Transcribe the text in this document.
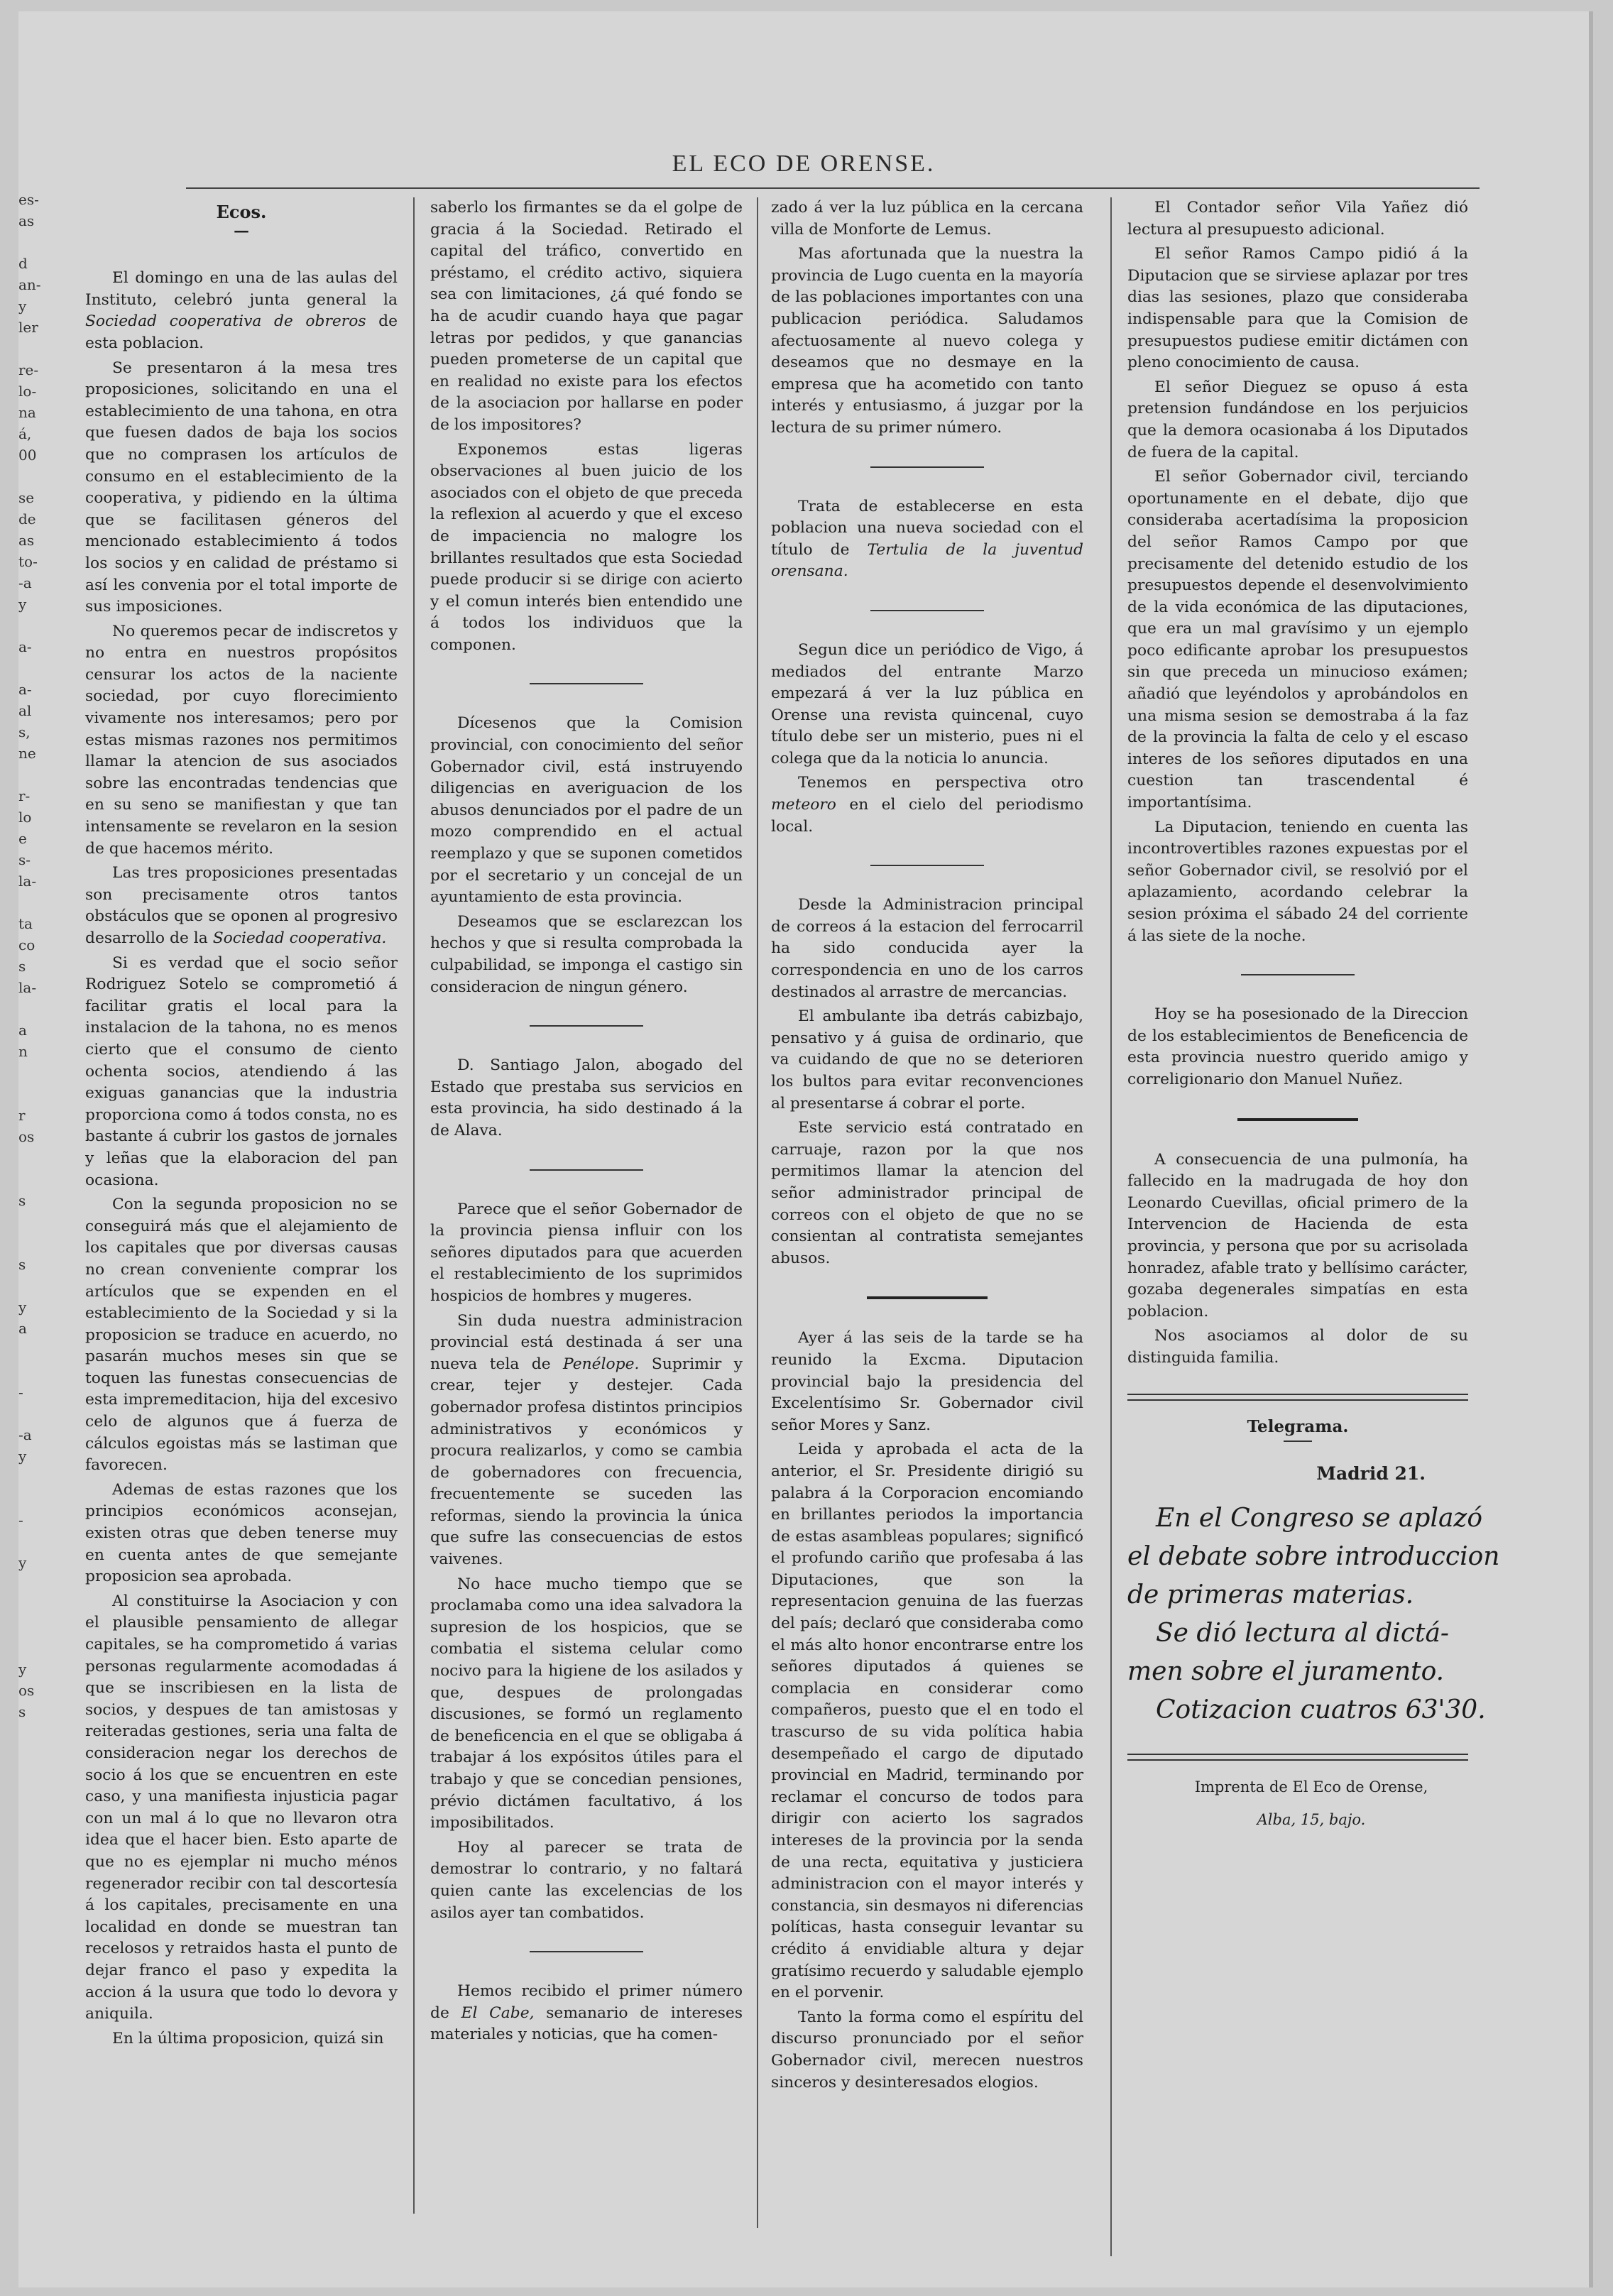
es-
as

d
an-
y
ler

re-
lo-
na
á,
00

se
de
as
to-
-a
y

a-

a-
al
s,
ne

r-
lo
e
s-
la-

ta
co
s
la-

a
n

r
os

s

s

y
a

-

-a
y

-

y

y
os
s

EL ECO DE ORENSE.
Ecos.
—

El domingo en una de las aulas del Instituto, celebró junta general la Sociedad cooperativa de obreros de esta poblacion.

Se presentaron á la mesa tres proposiciones, solicitando en una el establecimiento de una tahona, en otra que fuesen dados de baja los socios que no comprasen los artículos de consumo en el establecimiento de la cooperativa, y pidiendo en la última que se facilitasen géneros del mencionado establecimiento á todos los socios y en calidad de préstamo si así les convenia por el total importe de sus imposiciones.

No queremos pecar de indiscretos y no entra en nuestros propósitos censurar los actos de la naciente sociedad, por cuyo florecimiento vivamente nos interesamos; pero por estas mismas razones nos permitimos llamar la atencion de sus asociados sobre las encontradas tendencias que en su seno se manifiestan y que tan intensamente se revelaron en la sesion de que hacemos mérito.

Las tres proposiciones presentadas son precisamente otros tantos obstáculos que se oponen al progresivo desarrollo de la Sociedad cooperativa.

Si es verdad que el socio señor Rodriguez Sotelo se comprometió á facilitar gratis el local para la instalacion de la tahona, no es menos cierto que el consumo de ciento ochenta socios, atendiendo á las exiguas ganancias que la industria proporciona como á todos consta, no es bastante á cubrir los gastos de jornales y leñas que la elaboracion del pan ocasiona.

Con la segunda proposicion no se conseguirá más que el alejamiento de los capitales que por diversas causas no crean conveniente comprar los artículos que se expenden en el establecimiento de la Sociedad y si la proposicion se traduce en acuerdo, no pasarán muchos meses sin que se toquen las funestas consecuencias de esta impremeditacion, hija del excesivo celo de algunos que á fuerza de cálculos egoistas más se lastiman que favorecen.

Ademas de estas razones que los principios económicos aconsejan, existen otras que deben tenerse muy en cuenta antes de que semejante proposicion sea aprobada.

Al constituirse la Asociacion y con el plausible pensamiento de allegar capitales, se ha comprometido á varias personas regularmente acomodadas á que se inscribiesen en la lista de socios, y despues de tan amistosas y reiteradas gestiones, seria una falta de consideracion negar los derechos de socio á los que se encuentren en este caso, y una manifiesta injusticia pagar con un mal á lo que no llevaron otra idea que el hacer bien. Esto aparte de que no es ejemplar ni mucho ménos regenerador recibir con tal descortesía á los capitales, precisamente en una localidad en donde se muestran tan recelosos y retraidos hasta el punto de dejar franco el paso y expedita la accion á la usura que todo lo devora y aniquila.

En la última proposicion, quizá sin

saberlo los firmantes se da el golpe de gracia á la Sociedad. Retirado el capital del tráfico, convertido en préstamo, el crédito activo, siquiera sea con limitaciones, ¿á qué fondo se ha de acudir cuando haya que pagar letras por pedidos, y que ganancias pueden prometerse de un capital que en realidad no existe para los efectos de la asociacion por hallarse en poder de los impositores?

Exponemos estas ligeras observaciones al buen juicio de los asociados con el objeto de que preceda la reflexion al acuerdo y que el exceso de impaciencia no malogre los brillantes resultados que esta Sociedad puede producir si se dirige con acierto y el comun interés bien entendido une á todos los individuos que la componen.

Dícesenos que la Comision provincial, con conocimiento del señor Gobernador civil, está instruyendo diligencias en averiguacion de los abusos denunciados por el padre de un mozo comprendido en el actual reemplazo y que se suponen cometidos por el secretario y un concejal de un ayuntamiento de esta provincia.

Deseamos que se esclarezcan los hechos y que si resulta comprobada la culpabilidad, se imponga el castigo sin consideracion de ningun género.

D. Santiago Jalon, abogado del Estado que prestaba sus servicios en esta provincia, ha sido destinado á la de Alava.

Parece que el señor Gobernador de la provincia piensa influir con los señores diputados para que acuerden el restablecimiento de los suprimidos hospicios de hombres y mugeres.

Sin duda nuestra administracion provincial está destinada á ser una nueva tela de Penélope. Suprimir y crear, tejer y destejer. Cada gobernador profesa distintos principios administrativos y económicos y procura realizarlos, y como se cambia de gobernadores con frecuencia, frecuentemente se suceden las reformas, siendo la provincia la única que sufre las consecuencias de estos vaivenes.

No hace mucho tiempo que se proclamaba como una idea salvadora la supresion de los hospicios, que se combatia el sistema celular como nocivo para la higiene de los asilados y que, despues de prolongadas discusiones, se formó un reglamento de beneficencia en el que se obligaba á trabajar á los expósitos útiles para el trabajo y que se concedian pensiones, prévio dictámen facultativo, á los imposibilitados.

Hoy al parecer se trata de demostrar lo contrario, y no faltará quien cante las excelencias de los asilos ayer tan combatidos.

Hemos recibido el primer número de El Cabe, semanario de intereses materiales y noticias, que ha comen-

zado á ver la luz pública en la cercana villa de Monforte de Lemus.

Mas afortunada que la nuestra la provincia de Lugo cuenta en la mayoría de las poblaciones importantes con una publicacion periódica. Saludamos afectuosamente al nuevo colega y deseamos que no desmaye en la empresa que ha acometido con tanto interés y entusiasmo, á juzgar por la lectura de su primer número.

Trata de establecerse en esta poblacion una nueva sociedad con el título de Tertulia de la juventud orensana.

Segun dice un periódico de Vigo, á mediados del entrante Marzo empezará á ver la luz pública en Orense una revista quincenal, cuyo título debe ser un misterio, pues ni el colega que da la noticia lo anuncia.

Tenemos en perspectiva otro meteoro en el cielo del periodismo local.

Desde la Administracion principal de correos á la estacion del ferrocarril ha sido conducida ayer la correspondencia en uno de los carros destinados al arrastre de mercancias.

El ambulante iba detrás cabizbajo, pensativo y á guisa de ordinario, que va cuidando de que no se deterioren los bultos para evitar reconvenciones al presentarse á cobrar el porte.

Este servicio está contratado en carruaje, razon por la que nos permitimos llamar la atencion del señor administrador principal de correos con el objeto de que no se consientan al contratista semejantes abusos.

Ayer á las seis de la tarde se ha reunido la Excma. Diputacion provincial bajo la presidencia del Excelentísimo Sr. Gobernador civil señor Mores y Sanz.

Leida y aprobada el acta de la anterior, el Sr. Presidente dirigió su palabra á la Corporacion encomiando en brillantes periodos la importancia de estas asambleas populares; significó el profundo cariño que profesaba á las Diputaciones, que son la representacion genuina de las fuerzas del país; declaró que consideraba como el más alto honor encontrarse entre los señores diputados á quienes se complacia en considerar como compañeros, puesto que el en todo el trascurso de su vida política habia desempeñado el cargo de diputado provincial en Madrid, terminando por reclamar el concurso de todos para dirigir con acierto los sagrados intereses de la provincia por la senda de una recta, equitativa y justiciera administracion con el mayor interés y constancia, sin desmayos ni diferencias políticas, hasta conseguir levantar su crédito á envidiable altura y dejar gratísimo recuerdo y saludable ejemplo en el porvenir.

Tanto la forma como el espíritu del discurso pronunciado por el señor Gobernador civil, merecen nuestros sinceros y desinteresados elogios.

El Contador señor Vila Yañez dió lectura al presupuesto adicional.

El señor Ramos Campo pidió á la Diputacion que se sirviese aplazar por tres dias las sesiones, plazo que consideraba indispensable para que la Comision de presupuestos pudiese emitir dictámen con pleno conocimiento de causa.

El señor Dieguez se opuso á esta pretension fundándose en los perjuicios que la demora ocasionaba á los Diputados de fuera de la capital.

El señor Gobernador civil, terciando oportunamente en el debate, dijo que consideraba acertadísima la proposicion del señor Ramos Campo por que precisamente del detenido estudio de los presupuestos depende el desenvolvimiento de la vida económica de las diputaciones, que era un mal gravísimo y un ejemplo poco edificante aprobar los presupuestos sin que preceda un minucioso exámen; añadió que leyéndolos y aprobándolos en una misma sesion se demostraba á la faz de la provincia la falta de celo y el escaso interes de los señores diputados en una cuestion tan trascendental é importantísima.

La Diputacion, teniendo en cuenta las incontrovertibles razones expuestas por el señor Gobernador civil, se resolvió por el aplazamiento, acordando celebrar la sesion próxima el sábado 24 del corriente á las siete de la noche.

Hoy se ha posesionado de la Direccion de los establecimientos de Beneficencia de esta provincia nuestro querido amigo y correligionario don Manuel Nuñez.

A consecuencia de una pulmonía, ha fallecido en la madrugada de hoy don Leonardo Cuevillas, oficial primero de la Intervencion de Hacienda de esta provincia, y persona que por su acrisolada honradez, afable trato y bellísimo carácter, gozaba degenerales simpatías en esta poblacion.

Nos asociamos al dolor de su distinguida familia.

Telegrama.
Madrid 21.
En el Congreso se aplazó
el debate sobre introduccion
de primeras materias.
Se dió lectura al dictá-
men sobre el juramento.
Cotizacion cuatros 63'30.

Imprenta de El Eco de Orense,

Alba, 15, bajo.
